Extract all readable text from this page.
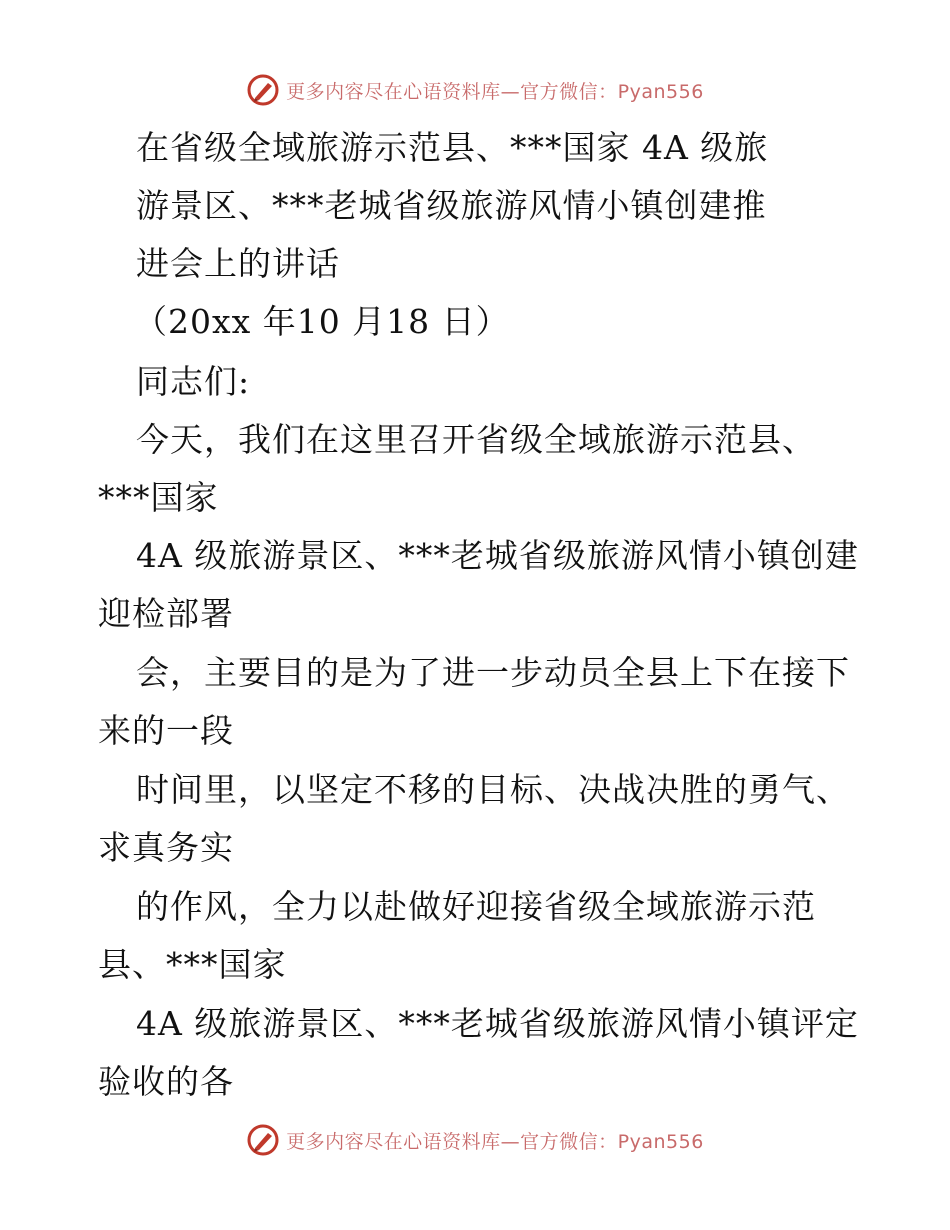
更多内容尽在心语资料库—官方微信：Pyan556
在省级全域旅游示范县、***国家 4A 级旅
游景区、***老城省级旅游风情小镇创建推
进会上的讲话
（20xx 年10 月18 日）
同志们:
今天，我们在这里召开省级全域旅游示范县、
***国家
4A 级旅游景区、***老城省级旅游风情小镇创建
迎检部署
会，主要目的是为了进一步动员全县上下在接下
来的一段
时间里，以坚定不移的目标、决战决胜的勇气、
求真务实
的作风，全力以赴做好迎接省级全域旅游示范
县、***国家
4A 级旅游景区、***老城省级旅游风情小镇评定
验收的各
更多内容尽在心语资料库—官方微信：Pyan556
